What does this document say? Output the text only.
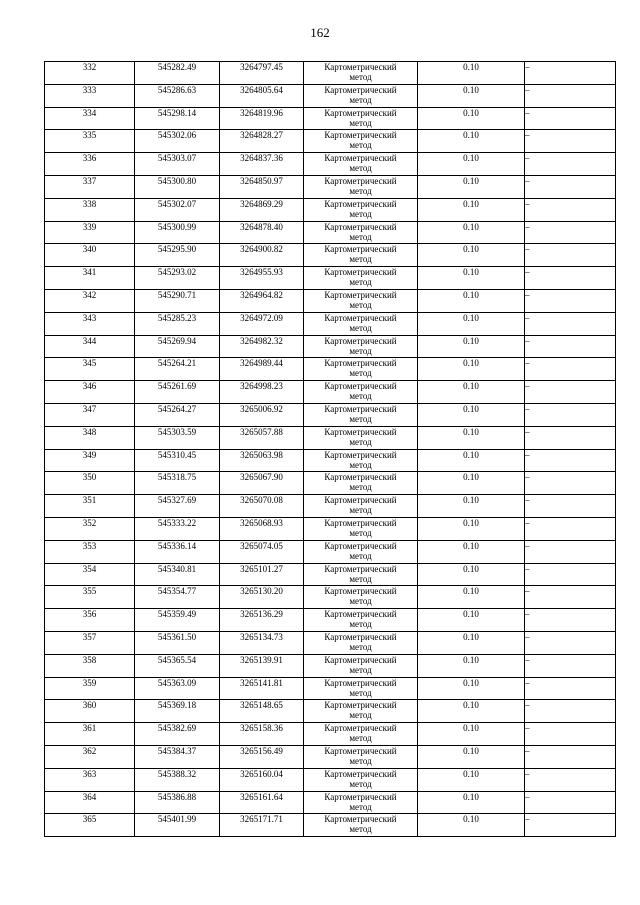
162
332	545282.49	3264797.45	Картометрический
метод	0.10	–
333	545286.63	3264805.64	Картометрический
метод	0.10	–
334	545298.14	3264819.96	Картометрический
метод	0.10	–
335	545302.06	3264828.27	Картометрический
метод	0.10	–
336	545303.07	3264837.36	Картометрический
метод	0.10	–
337	545300.80	3264850.97	Картометрический
метод	0.10	–
338	545302.07	3264869.29	Картометрический
метод	0.10	–
339	545300.99	3264878.40	Картометрический
метод	0.10	–
340	545295.90	3264900.82	Картометрический
метод	0.10	–
341	545293.02	3264955.93	Картометрический
метод	0.10	–
342	545290.71	3264964.82	Картометрический
метод	0.10	–
343	545285.23	3264972.09	Картометрический
метод	0.10	–
344	545269.94	3264982.32	Картометрический
метод	0.10	–
345	545264.21	3264989.44	Картометрический
метод	0.10	–
346	545261.69	3264998.23	Картометрический
метод	0.10	–
347	545264.27	3265006.92	Картометрический
метод	0.10	–
348	545303.59	3265057.88	Картометрический
метод	0.10	–
349	545310.45	3265063.98	Картометрический
метод	0.10	–
350	545318.75	3265067.90	Картометрический
метод	0.10	–
351	545327.69	3265070.08	Картометрический
метод	0.10	–
352	545333.22	3265068.93	Картометрический
метод	0.10	–
353	545336.14	3265074.05	Картометрический
метод	0.10	–
354	545340.81	3265101.27	Картометрический
метод	0.10	–
355	545354.77	3265130.20	Картометрический
метод	0.10	–
356	545359.49	3265136.29	Картометрический
метод	0.10	–
357	545361.50	3265134.73	Картометрический
метод	0.10	–
358	545365.54	3265139.91	Картометрический
метод	0.10	–
359	545363.09	3265141.81	Картометрический
метод	0.10	–
360	545369.18	3265148.65	Картометрический
метод	0.10	–
361	545382.69	3265158.36	Картометрический
метод	0.10	–
362	545384.37	3265156.49	Картометрический
метод	0.10	–
363	545388.32	3265160.04	Картометрический
метод	0.10	–
364	545386.88	3265161.64	Картометрический
метод	0.10	–
365	545401.99	3265171.71	Картометрический
метод	0.10	–
